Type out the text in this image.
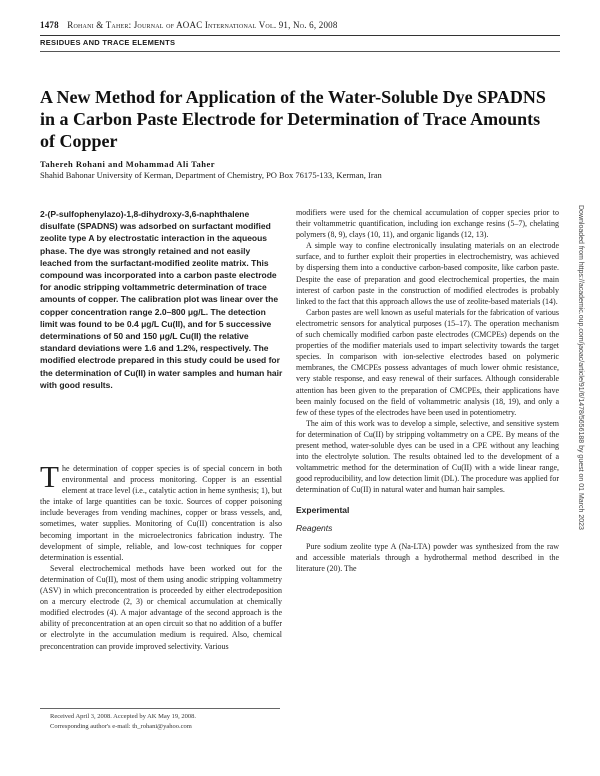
1478 Rohani & Taher: Journal of AOAC International Vol. 91, No. 6, 2008
RESIDUES AND TRACE ELEMENTS
A New Method for Application of the Water-Soluble Dye SPADNS in a Carbon Paste Electrode for Determination of Trace Amounts of Copper
Tahereh Rohani and Mohammad Ali Taher
Shahid Bahonar University of Kerman, Department of Chemistry, PO Box 76175-133, Kerman, Iran

2-(P-sulfophenylazo)-1,8-dihydroxy-3,6-naphthalene disulfate (SPADNS) was adsorbed on surfactant modified zeolite type A by electrostatic interaction in the aqueous phase. The dye was strongly retained and not easily leached from the surfactant-modified zeolite matrix. This compound was incorporated into a carbon paste electrode for anodic stripping voltammetric determination of trace amounts of copper. The calibration plot was linear over the copper concentration range 2.0–800 μg/L. The detection limit was found to be 0.4 μg/L Cu(II), and for 5 successive determinations of 50 and 150 μg/L Cu(II) the relative standard deviations were 1.6 and 1.2%, respectively. The modified electrode prepared in this study could be used for the determination of Cu(II) in water samples and human hair with good results.

The determination of copper species is of special concern in both environmental and process monitoring. Copper is an essential element at trace level (i.e., catalytic action in heme synthesis; 1), but the intake of large quantities can be toxic. Sources of copper poisoning include beverages from vending machines, copper or brass vessels, and, sometimes, water supplies. Monitoring of Cu(II) concentration is also becoming important in the microelectronics fabrication industry. The development of simple, reliable, and low-cost techniques for copper determination is essential.

Several electrochemical methods have been worked out for the determination of Cu(II), most of them using anodic stripping voltammetry (ASV) in which preconcentration is proceeded by either electrodeposition on a mercury electrode (2, 3) or chemical accumulation at chemically modified electrodes (4). A major advantage of the second approach is the ability of preconcentration at an open circuit so that no addition of a buffer or electrolyte in the accumulation medium is required. Also, chemical preconcentration can provide improved selectivity. Various

Received April 3, 2008. Accepted by AK May 19, 2008.
Corresponding author's e-mail: th_rohani@yahoo.com

modifiers were used for the chemical accumulation of copper species prior to their voltammetric quantification, including ion exchange resins (5–7), chelating polymers (8, 9), clays (10, 11), and organic ligands (12, 13).

A simple way to confine electronically insulating materials on an electrode surface, and to further exploit their properties in electrochemistry, was achieved by dispersing them into a conductive carbon-based composite, like carbon paste. Despite the ease of preparation and good electrochemical properties, the main interest of carbon paste in the construction of modified electrodes is probably linked to the fact that this approach allows the use of zeolite-based materials (14).

Carbon pastes are well known as useful materials for the fabrication of various electrometric sensors for analytical purposes (15–17). The operation mechanism of such chemically modified carbon paste electrodes (CMCPEs) depends on the properties of the modifier materials used to impart selectivity towards the target species. In comparison with ion-selective electrodes based on polymeric membranes, the CMCPEs possess advantages of much lower ohmic resistance, very stable response, and easy renewal of their surfaces. Although considerable attention has been given to the preparation of CMCPEs, their applications have been mainly focused on the field of voltammetric analysis (18, 19), and only a few of these types of the electrodes have been used in potentiometry.

The aim of this work was to develop a simple, selective, and sensitive system for determination of Cu(II) by stripping voltammetry on a CPE. By means of the present method, water-soluble dyes can be used in a CPE without any leaching into the electrolyte solution. The results obtained led to the development of a voltammetric method for the determination of Cu(II) with a wide linear range, good reproducibility, and low detection limit (DL). The procedure was applied for determination of Cu(II) in natural water and human hair samples.

Experimental
Reagents

Pure sodium zeolite type A (Na-LTA) powder was synthesized from the raw and accessible materials through a hydrothermal method described in the literature (20). The

Downloaded from https://academic.oup.com/jaoac/article/91/6/1478/5656188 by guest on 01 March 2023
